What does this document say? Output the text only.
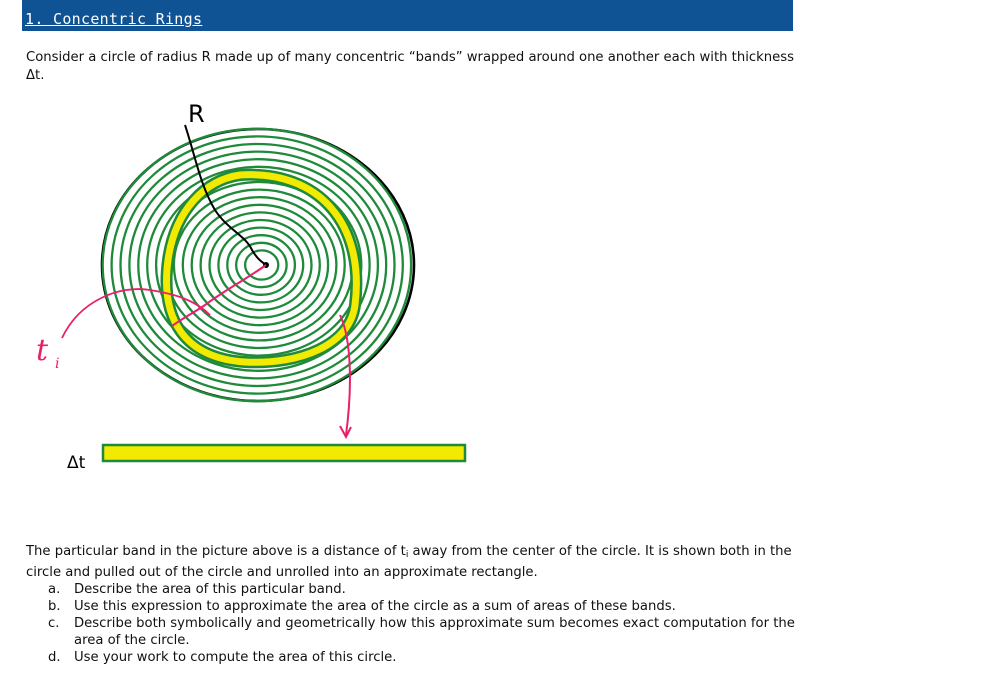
1. Concentric Rings
Consider a circle of radius R made up of many concentric “bands” wrapped around one another each with thickness Δt.
R
t i
Δt
The particular band in the picture above is a distance of $t_i$ away from the center of the circle. It is shown both in the circle and pulled out of the circle and unrolled into an approximate rectangle.
a. Describe the area of this particular band.
b. Use this expression to approximate the area of the circle as a sum of areas of these bands.
c. Describe both symbolically and geometrically how this approximate sum becomes exact computation for the area of the circle.
d. Use your work to compute the area of this circle.
